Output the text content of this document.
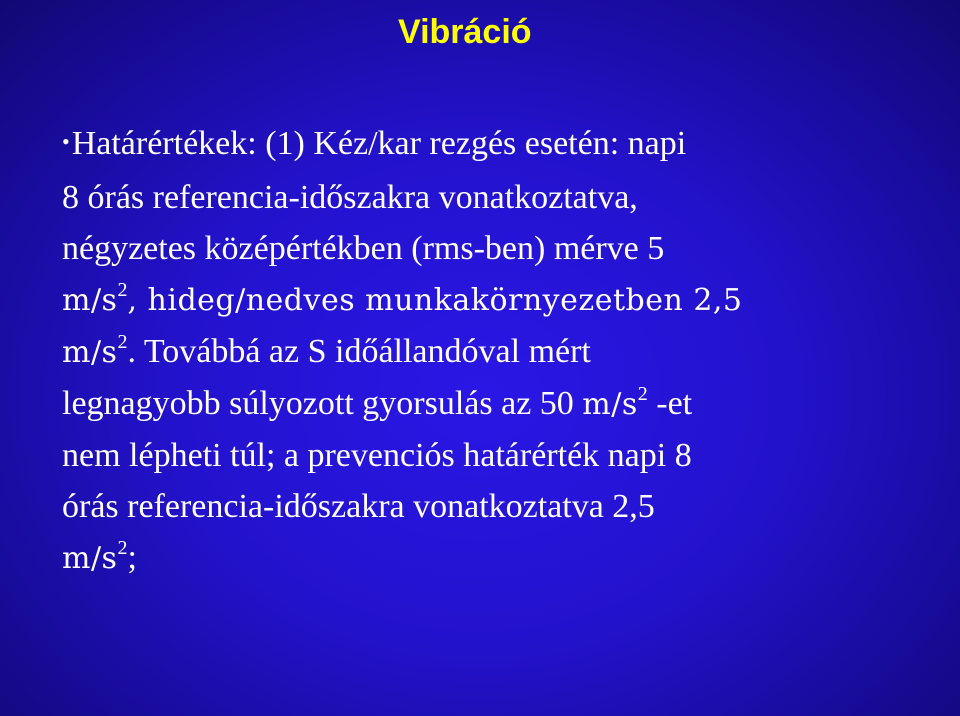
Vibráció

•Határértékek: (1) Kéz/kar rezgés esetén: napi
8 órás referencia-időszakra vonatkoztatva,
négyzetes középértékben (rms-ben) mérve 5
$m/s^2$, hideg/nedves munkakörnyezetben 2,5
$m/s^2$. Továbbá az S időállandóval mért
legnagyobb súlyozott gyorsulás az 50 $m/s^2$ -et
nem lépheti túl; a prevenciós határérték napi 8
órás referencia-időszakra vonatkoztatva 2,5
$m/s^2$;
